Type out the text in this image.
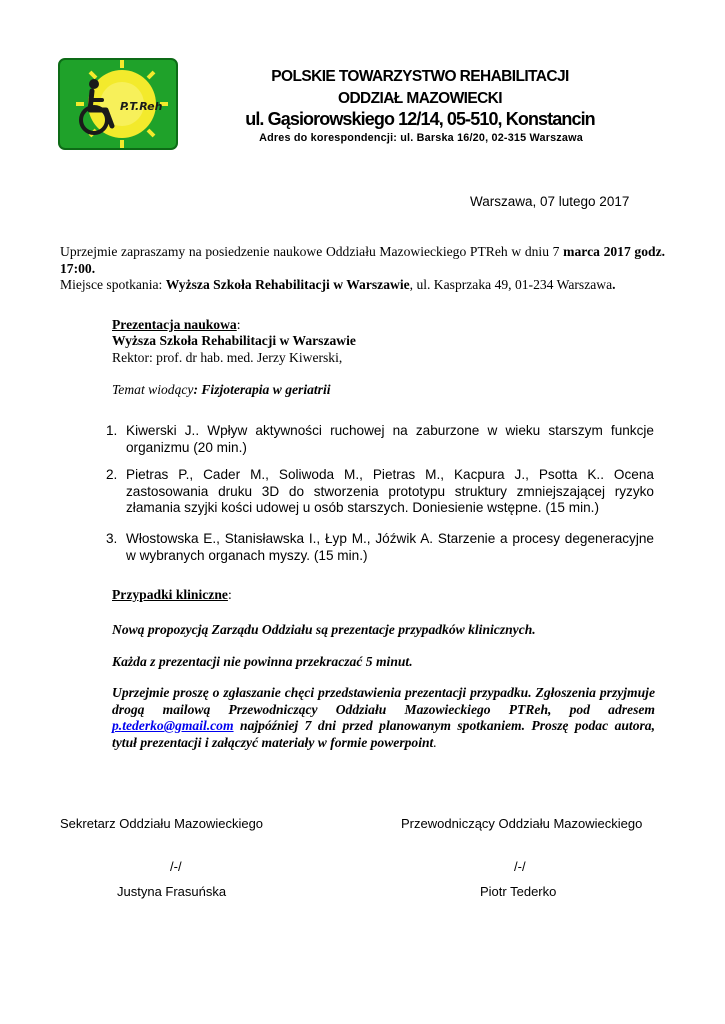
P.T.Reh
POLSKIE TOWARZYSTWO REHABILITACJI
ODDZIAŁ MAZOWIECKI
ul. Gąsiorowskiego 12/14, 05-510, Konstancin
Adres do korespondencji: ul. Barska 16/20, 02-315 Warszawa
Warszawa, 07 lutego 2017
Uprzejmie zapraszamy na posiedzenie naukowe Oddziału Mazowieckiego PTReh w dniu 7 marca 2017 godz. 17:00.
Miejsce spotkania: Wyższa Szkoła Rehabilitacji w Warszawie, ul. Kasprzaka 49, 01-234 Warszawa.
Prezentacja naukowa:
Wyższa Szkoła Rehabilitacji w Warszawie
Rektor: prof. dr hab. med. Jerzy Kiwerski,
Temat wiodący: Fizjoterapia w geriatrii
1. Kiwerski J.. Wpływ aktywności ruchowej na zaburzone w wieku starszym funkcje organizmu (20 min.)
2. Pietras P., Cader M., Soliwoda M., Pietras M., Kacpura J., Psotta K.. Ocena zastosowania druku 3D do stworzenia prototypu struktury zmniejszającej ryzyko złamania szyjki kości udowej u osób starszych. Doniesienie wstępne. (15 min.)
3. Włostowska E., Stanisławska I., Łyp M., Jóźwik A. Starzenie a procesy degeneracyjne w wybranych organach myszy. (15 min.)
Przypadki kliniczne:
Nową propozycją Zarządu Oddziału są prezentacje przypadków klinicznych.
Każda z prezentacji nie powinna przekraczać 5 minut.
Uprzejmie proszę o zgłaszanie chęci przedstawienia prezentacji przypadku. Zgłoszenia przyjmuje drogą mailową Przewodniczący Oddziału Mazowieckiego PTReh, pod adresem p.tederko@gmail.com najpóźniej 7 dni przed planowanym spotkaniem. Proszę podac autora, tytuł prezentacji i załączyć materiały w formie powerpoint.
Sekretarz Oddziału Mazowieckiego	Przewodniczący Oddziału Mazowieckiego
/-/	/-/
Justyna Frasuńska	Piotr Tederko
